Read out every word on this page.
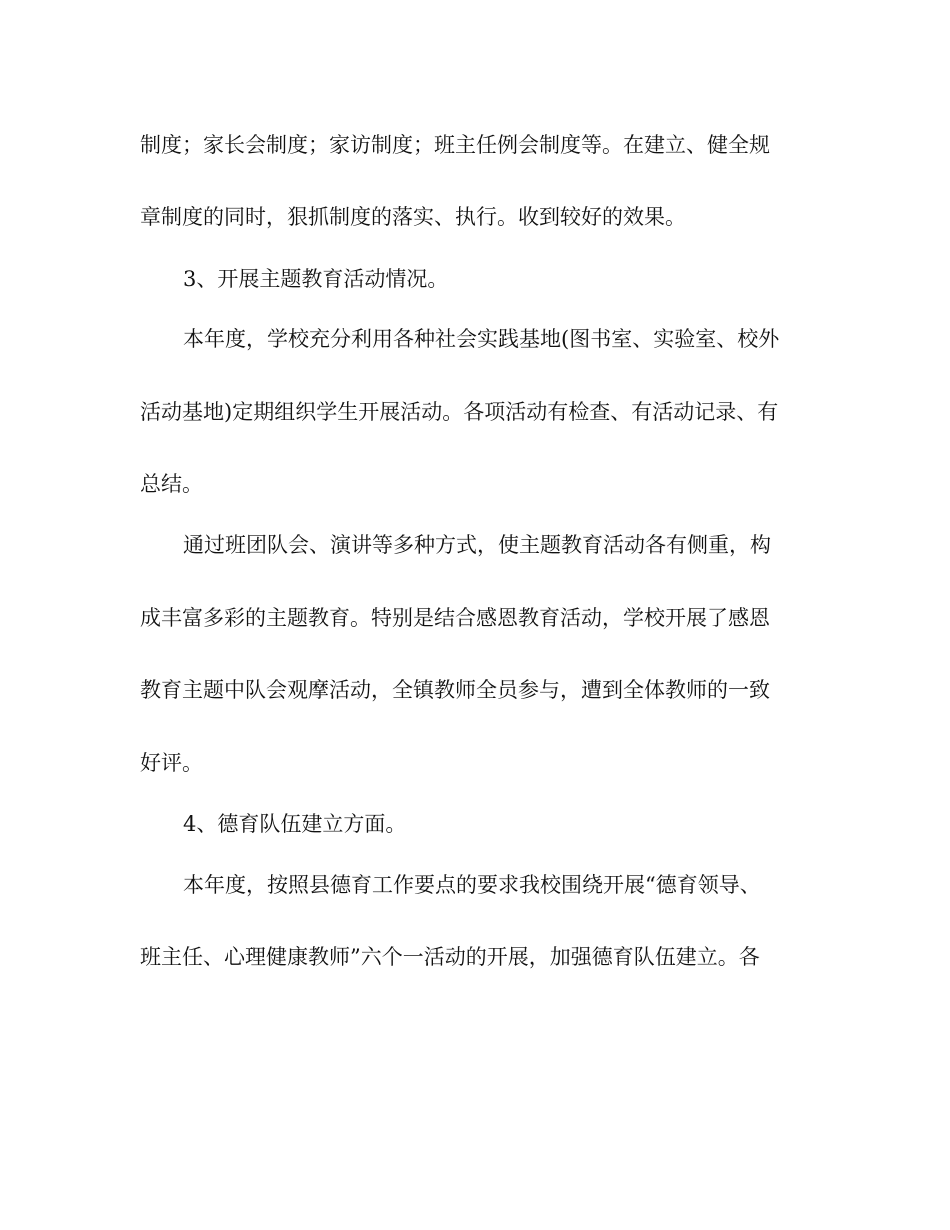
制度；家长会制度；家访制度；班主任例会制度等。在建立、健全规

章制度的同时，狠抓制度的落实、执行。收到较好的效果。

3、开展主题教育活动情况。

本年度，学校充分利用各种社会实践基地(图书室、实验室、校外

活动基地)定期组织学生开展活动。各项活动有检查、有活动记录、有

总结。

通过班团队会、演讲等多种方式，使主题教育活动各有侧重，构

成丰富多彩的主题教育。特别是结合感恩教育活动，学校开展了感恩

教育主题中队会观摩活动，全镇教师全员参与，遭到全体教师的一致

好评。

4、德育队伍建立方面。

本年度，按照县德育工作要点的要求我校围绕开展“德育领导、

班主任、心理健康教师”六个一活动的开展，加强德育队伍建立。各
